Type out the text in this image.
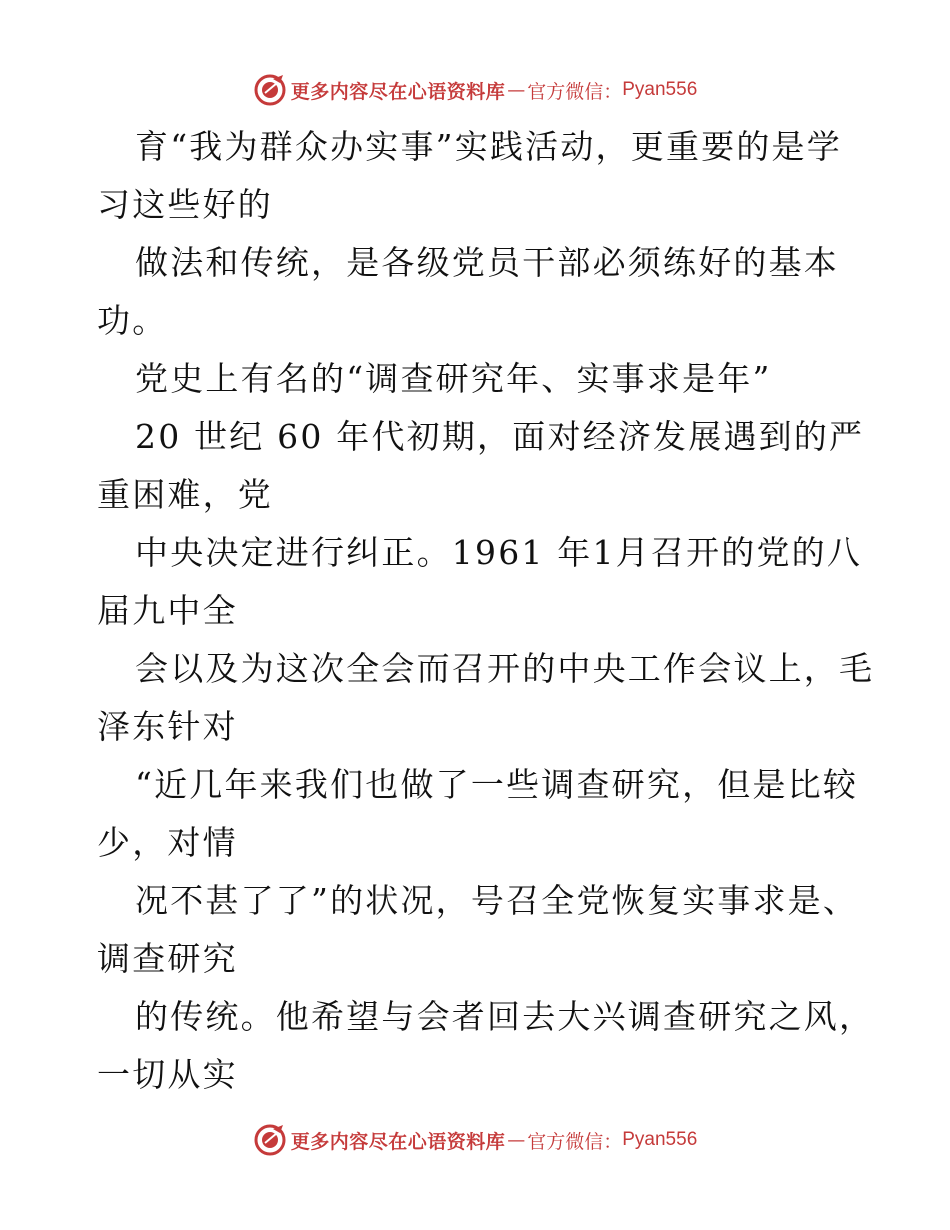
更多内容尽在心语资料库 — 官方微信： Pyan556
育“我为群众办实事”实践活动，更重要的是学
习这些好的
做法和传统，是各级党员干部必须练好的基本
功。
党史上有名的“调查研究年、实事求是年”
20 世纪 60 年代初期，面对经济发展遇到的严
重困难，党
中央决定进行纠正。1961 年1月召开的党的八
届九中全
会以及为这次全会而召开的中央工作会议上，毛
泽东针对
“近几年来我们也做了一些调查研究，但是比较
少，对情
况不甚了了”的状况，号召全党恢复实事求是、
调查研究
的传统。他希望与会者回去大兴调查研究之风，
一切从实
更多内容尽在心语资料库 — 官方微信： Pyan556
